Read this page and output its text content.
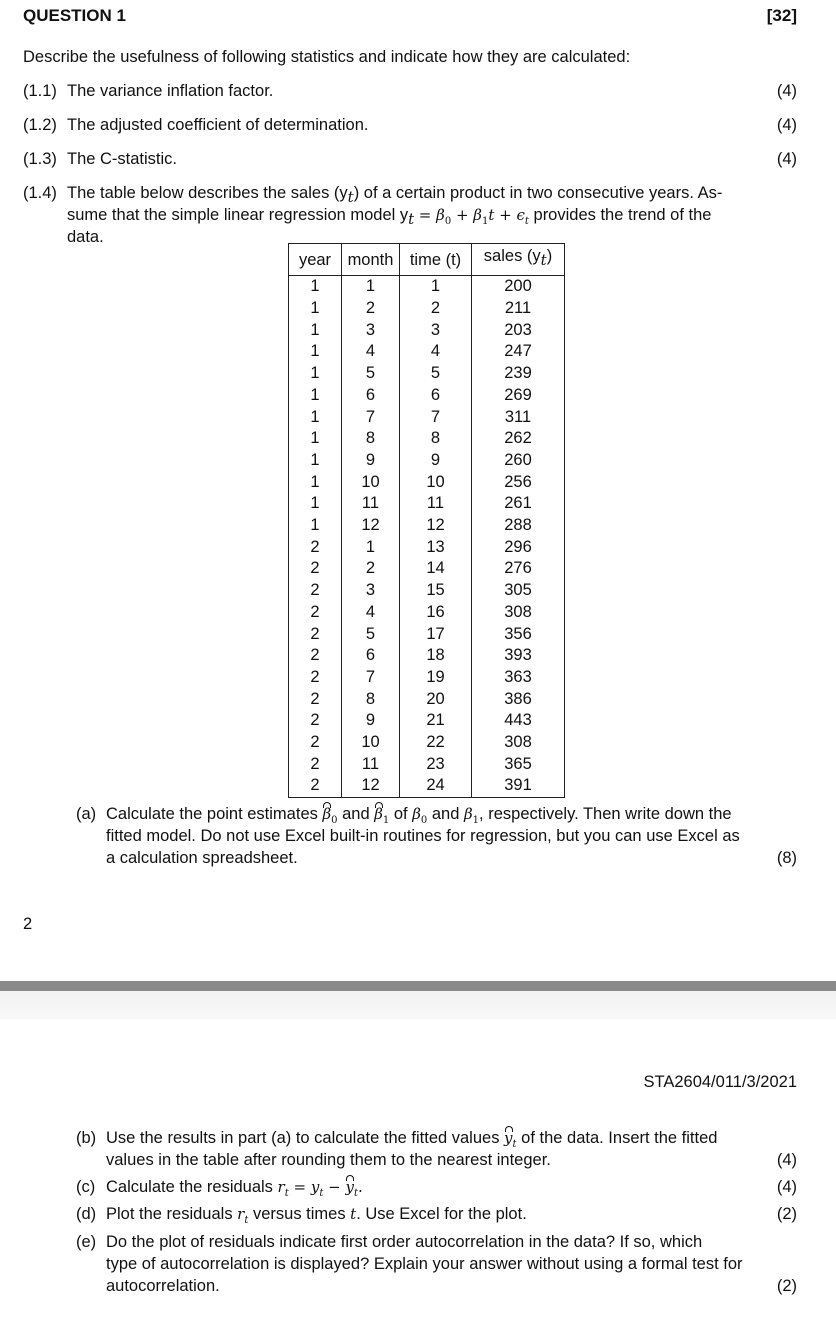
QUESTION 1	[32]
Describe the usefulness of following statistics and indicate how they are calculated:
(1.1) The variance inflation factor.	(4)
(1.2) The adjusted coefficient of determination.	(4)
(1.3) The C-statistic.	(4)
(1.4) The table below describes the sales $(y_t)$ of a certain product in two consecutive years. As-
sume that the simple linear regression model $y_t = \beta_0 + \beta_1t + \epsilon_t$ provides the trend of the
data.
year	month	time (t)	sales $(y_t)$
1	1	1	200
1	2	2	211
1	3	3	203
1	4	4	247
1	5	5	239
1	6	6	269
1	7	7	311
1	8	8	262
1	9	9	260
1	10	10	256
1	11	11	261
1	12	12	288
2	1	13	296
2	2	14	276
2	3	15	305
2	4	16	308
2	5	17	356
2	6	18	393
2	7	19	363
2	8	20	386
2	9	21	443
2	10	22	308
2	11	23	365
2	12	24	391
(a) Calculate the point estimates $\beta_0$ and $\beta_1$ of $\beta_0$ and $\beta_1$, respectively. Then write down the
fitted model. Do not use Excel built-in routines for regression, but you can use Excel as
a calculation spreadsheet.	(8)
2
STA2604/011/3/2021
(b) Use the results in part (a) to calculate the fitted values $y_t$ of the data. Insert the fitted
values in the table after rounding them to the nearest integer.	(4)
(c) Calculate the residuals $r_t = y_t - y_t$.	(4)
(d) Plot the residuals $r_t$ versus times t. Use Excel for the plot.	(2)
(e) Do the plot of residuals indicate first order autocorrelation in the data? If so, which
type of autocorrelation is displayed? Explain your answer without using a formal test for
autocorrelation.	(2)
